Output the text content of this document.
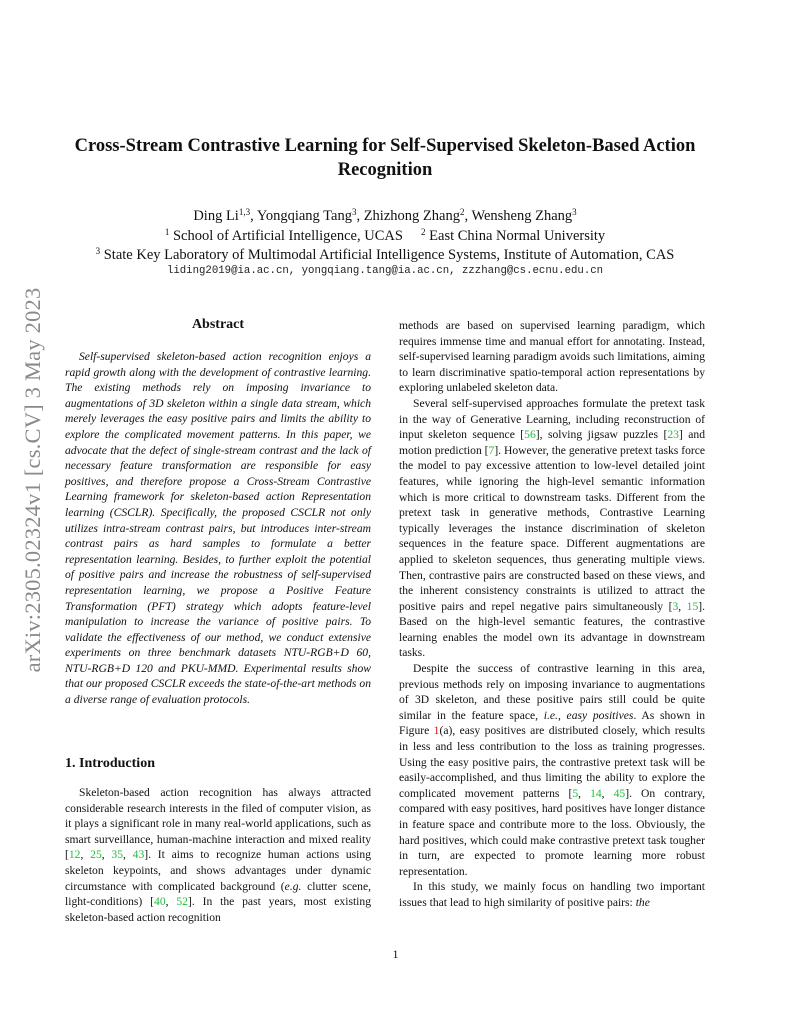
arXiv:2305.02324v1 [cs.CV] 3 May 2023
Cross-Stream Contrastive Learning for Self-Supervised Skeleton-Based Action
Recognition
Ding Li$^{1,3}$, Yongqiang Tang$^3$, Zhizhong Zhang$^2$, Wensheng Zhang$^3$
$^1$ School of Artificial Intelligence, UCAS $^2$ East China Normal University
$^3$ State Key Laboratory of Multimodal Artificial Intelligence Systems, Institute of Automation, CAS
liding2019@ia.ac.cn, yongqiang.tang@ia.ac.cn, zzzhang@cs.ecnu.edu.cn
Abstract

Self-supervised skeleton-based action recognition enjoys a rapid growth along with the development of contrastive learning. The existing methods rely on imposing invariance to augmentations of 3D skeleton within a single data stream, which merely leverages the easy positive pairs and limits the ability to explore the complicated movement patterns. In this paper, we advocate that the defect of single-stream contrast and the lack of necessary feature transformation are responsible for easy positives, and therefore propose a Cross-Stream Contrastive Learning framework for skeleton-based action Representation learning (CSCLR). Specifically, the proposed CSCLR not only utilizes intra-stream contrast pairs, but introduces inter-stream contrast pairs as hard samples to formulate a better representation learning. Besides, to further exploit the potential of positive pairs and increase the robustness of self-supervised representation learning, we propose a Positive Feature Transformation (PFT) strategy which adopts feature-level manipulation to increase the variance of positive pairs. To validate the effectiveness of our method, we conduct extensive experiments on three benchmark datasets NTU-RGB+D 60, NTU-RGB+D 120 and PKU-MMD. Experimental results show that our proposed CSCLR exceeds the state-of-the-art methods on a diverse range of evaluation protocols.

1. Introduction

Skeleton-based action recognition has always attracted considerable research interests in the filed of computer vision, as it plays a significant role in many real-world applications, such as smart surveillance, human-machine interaction and mixed reality [12, 25, 35, 43]. It aims to recognize human actions using skeleton keypoints, and shows advantages under dynamic circumstance with complicated background (e.g. clutter scene, light-conditions) [40, 52]. In the past years, most existing skeleton-based action recognition

methods are based on supervised learning paradigm, which requires immense time and manual effort for annotating. Instead, self-supervised learning paradigm avoids such limitations, aiming to learn discriminative spatio-temporal action representations by exploring unlabeled skeleton data.

Several self-supervised approaches formulate the pretext task in the way of Generative Learning, including reconstruction of input skeleton sequence [56], solving jigsaw puzzles [23] and motion prediction [7]. However, the generative pretext tasks force the model to pay excessive attention to low-level detailed joint features, while ignoring the high-level semantic information which is more critical to downstream tasks. Different from the pretext task in generative methods, Contrastive Learning typically leverages the instance discrimination of skeleton sequences in the feature space. Different augmentations are applied to skeleton sequences, thus generating multiple views. Then, contrastive pairs are constructed based on these views, and the inherent consistency constraints is utilized to attract the positive pairs and repel negative pairs simultaneously [3, 15]. Based on the high-level semantic features, the contrastive learning enables the model own its advantage in downstream tasks.

Despite the success of contrastive learning in this area, previous methods rely on imposing invariance to augmentations of 3D skeleton, and these positive pairs still could be quite similar in the feature space, i.e., easy positives. As shown in Figure 1(a), easy positives are distributed closely, which results in less and less contribution to the loss as training progresses. Using the easy positive pairs, the contrastive pretext task will be easily-accomplished, and thus limiting the ability to explore the complicated movement patterns [5, 14, 45]. On contrary, compared with easy positives, hard positives have longer distance in feature space and contribute more to the loss. Obviously, the hard positives, which could make contrastive pretext task tougher in turn, are expected to promote learning more robust representation.

In this study, we mainly focus on handling two important issues that lead to high similarity of positive pairs: the

1
